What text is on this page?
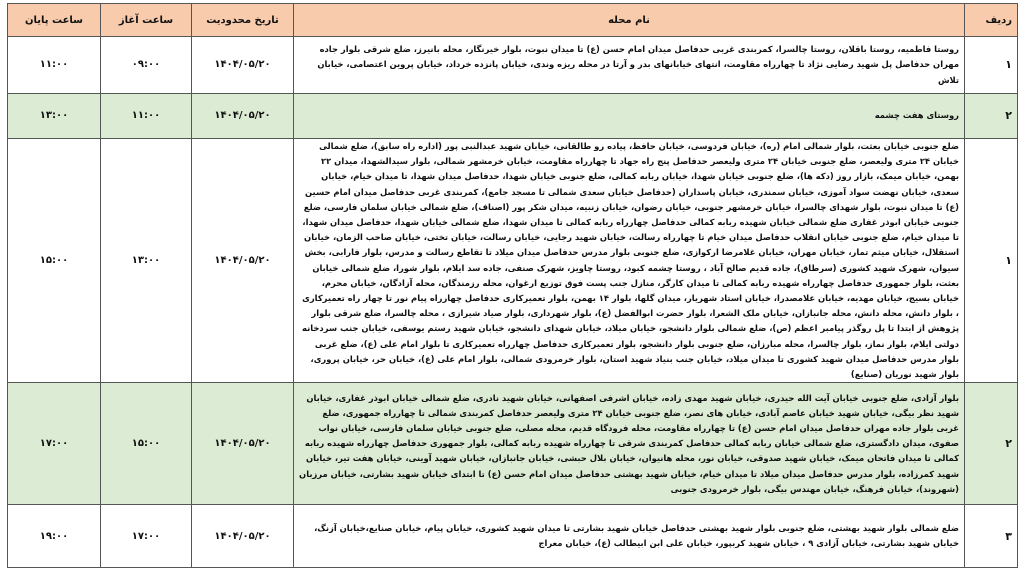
ردیف	نام محله	تاریخ محدودیت	ساعت آغاز	ساعت پایان
۱	روستا فاطمیه، روستا باقلان، روستا چالسرا، کمربندی غربی حدفاصل میدان امام حسن (ع) تا میدان نبوت، بلوار خیرنگار، محله بانیرز، ضلع شرقی بلوار جاده مهران حدفاصل پل شهید رضایی نژاد تا چهارراه مقاومت، انتهای خیابانهای بدر و آرتا در محله ریزه وندی، خیابان پانزده خرداد، خیابان پروین اعتصامی، خیابان تلاش	۱۴۰۴/۰۵/۲۰	۰۹:۰۰	۱۱:۰۰
۲	روستای هفت چشمه	۱۴۰۴/۰۵/۲۰	۱۱:۰۰	۱۳:۰۰
۱	ضلع جنوبی خیابان بعثت، بلوار شمالی امام (ره)، خیابان فردوسی، خیابان حافظ، پیاده رو طالقانی، خیابان شهید عبدالنبی پور (اداره راه سابق)، ضلع شمالی خیابان ۲۴ متری ولیعصر، ضلع جنوبی خیابان ۲۴ متری ولیعصر حدفاصل پنج راه جهاد تا چهارراه مقاومت، خیابان خرمشهر شمالی، بلوار سیدالشهدا، میدان ۲۲ بهمن، خیابان میمک، بازار روز (دکه ها)، ضلع جنوبی خیابان شهدا، خیابان ربابه کمالی، ضلع جنوبی خیابان شهدا، حدفاصل میدان شهدا، تا میدان خیام، خیابان سعدی، خیابان نهضت سواد آموزی، خیابان سمندری، خیابان پاسداران (حدفاصل خیابان سعدی شمالی تا مسجد جامع)، کمربندی غربی حدفاصل میدان امام حسین (ع) تا میدان نبوت، بلوار شهدای چالسرا، خیابان خرمشهر جنوبی، خیابان رضوان، خیابان زنبیه، میدان شکر پور (اصناف)، ضلع شمالی خیابان سلمان فارسی، ضلع جنوبی خیابان ابوذر غفاری ضلع شمالی خیابان شهیده ربابه کمالی حدفاصل چهارراه ربابه کمالی تا میدان شهدا، ضلع شمالی خیابان شهدا، حدفاصل میدان شهدا، تا میدان خیام، ضلع جنوبی خیابان انقلاب حدفاصل میدان خیام تا چهارراه رسالت، خیابان شهید رجایی، خیابان رسالت، خیابان تختی، خیابان صاحب الزمان، خیابان استقلال، خیابان میثم تمار، خیابان مهران، خیابان غلامرضا ارکوازی، ضلع جنوبی بلوار مدرس حدفاصل میدان میلاد تا تقاطع رسالت و مدرس، بلوار فارابی، بخش سیوان، شهرک شهید کشوری (سرطاق)، جاده قدیم صالح آباد ، روستا چشمه کبود، روستا چاویز، شهرک صنفی، جاده سد ایلام، بلوار شورا، ضلع شمالی خیابان بعثت، بلوار جمهوری حدفاصل چهارراه شهیده ربابه کمالی تا میدان کارگر، منازل جنب پست فوق توزیع ارغوان، محله رزمندگان، محله آزادگان، خیابان محرم، خیابان بسیج، خیابان مهدیه، خیابان علامصدرا، خیابان استاد شهریار، میدان گلها، بلوار ۱۴ بهمن، بلوار تعمیرکاری حدفاصل چهارراه پیام نور تا چهار راه تعمیرکاری ، بلوار دانش، محله دانش، محله جانبازان، خیابان ملک الشعرا، بلوار حضرت ابوالفضل (ع)، بلوار شهرداری، بلوار صیاد شیرازی ، محله چالسرا، ضلع شرقی بلوار پژوهش از ابتدا تا پل روگذر پیامبر اعظم (ص)، ضلع شمالی بلوار دانشجو، خیابان میلاد، خیابان شهدای دانشجو، خیابان شهید رستم یوسفی، خیابان جنب سردخانه دولتی ایلام، بلوار نماز، بلوار چالسرا، محله مبارزان، ضلع جنوبی بلوار دانشجو، بلوار تعمیرکاری حدفاصل چهارراه تعمیرکاری تا بلوار امام علی (ع)، ضلع غربی بلوار مدرس حدفاصل میدان شهید کشوری تا میدان میلاد، خیابان جنب بنیاد شهید استان، بلوار خرمرودی شمالی، بلوار امام علی (ع)، خیابان حر، خیابان پروری، بلوار شهید نوریان (صنایع)	۱۴۰۴/۰۵/۲۰	۱۳:۰۰	۱۵:۰۰
۲	بلوار آزادی، ضلع جنوبی خیابان آیت الله حیدری، خیابان شهید مهدی زاده، خیابان اشرفی اصفهانی، خیابان شهید نادری، ضلع شمالی خیابان ابوذر غفاری، خیابان شهید نظر بیگی، خیابان شهید خیابان عاصم آبادی، خیابان های نصر، ضلع جنوبی خیابان ۲۴ متری ولیعصر حدفاصل کمربندی شمالی تا چهارراه جمهوری، ضلع غربی بلوار جاده مهران حدفاصل میدان امام حسن (ع) تا چهارراه مقاومت، محله فرودگاه قدیم، محله مصلی، ضلع جنوبی خیابان سلمان فارسی، خیابان نواب صفوی، میدان دادگستری، ضلع شمالی خیابان ربابه کمالی حدفاصل کمربندی شرقی تا چهارراه شهیده ربابه کمالی، بلوار جمهوری حدفاصل چهارراه شهیده ربابه کمالی تا میدان فاتحان میمک، خیابان شهید صدوقی، خیابان نور، محله هانیوان، خیابان بلال حبشی، خیابان جانبازان، خیابان شهید آوینی، خیابان هفت تیر، خیابان شهید کمرزاده، بلوار مدرس حدفاصل میدان میلاد تا میدان خیام، خیابان شهید بهشتی حدفاصل میدان امام حسن (ع) تا ابتدای خیابان شهید بشارتی، خیابان مرزبان (شهروند)، خیابان فرهنگ، خیابان مهندس بیگی، بلوار خرمرودی جنوبی	۱۴۰۴/۰۵/۲۰	۱۵:۰۰	۱۷:۰۰
۳	ضلع شمالی بلوار شهید بهشتی، ضلع جنوبی بلوار شهید بهشتی حدفاصل خیابان شهید بشارتی تا میدان شهید کشوری، خیابان پیام، خیابان صنایع،خیابان آزنگ، خیابان شهید بشارتی، خیابان آزادی ۹ ، خیابان شهید کربپور، خیابان علی ابن ابیطالب (ع)، خیابان معراج	۱۴۰۴/۰۵/۲۰	۱۷:۰۰	۱۹:۰۰
